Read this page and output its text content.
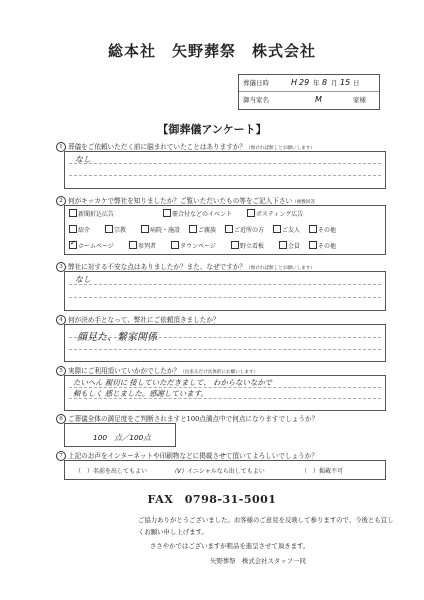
総本社　矢野葬祭　株式会社
葬儀日時	H 29 年 8 月 15 日
御当家名	M	家様
【御葬儀アンケート】
1 葬儀をご依頼いただく前に脳まれていたことはありますか？（無ければ無しとお願いします）
なし
2 何がキッカケで弊社を知りましたか？ご覧いただいたもの等をご記入下さい（複数回答
新聞折込広告	冊合付などのイベント	ポスティング広告
紹介	宗教	病院・施設	ご親族	ご近所の方	ご友人	その他
✓ホームページ	参列者	タウンページ	野立看板	会員	その他
3 弊社に対する不安な点はありましたか？また、なぜですか？（無ければ無しとお願いします）
なし
4 何が決め手となって、弊社にご依頼頂きましたか？
顔見た、繋家関係
5 実際にご利用頂いていかがでしたか？（出来るだけ具体的にお願いします）
たいへん 親切に 接していただきまして、 わからないなかで
頼もしく 感じました。感謝しています。
6 ご葬儀全体の満足度をご判断されますと100点満点中で何点になりますでしょうか？
100　点／100点
7 上記のお声をインターネットや印刷物などに掲載させて頂いてよろしいでしょうか？
（　）名前を出してもよい	（V）イニシャルなら出してもよい	（　）掲載不可
FAX　0798-31-5001
ご協力ありがとうございました。お客様のご意見を反映して参りますので、今後とも宜し
くお願い申し上げます。
ささやかではございますが粗品を進呈させて頂きます。
矢野葬祭　株式会社スタッフ一同
